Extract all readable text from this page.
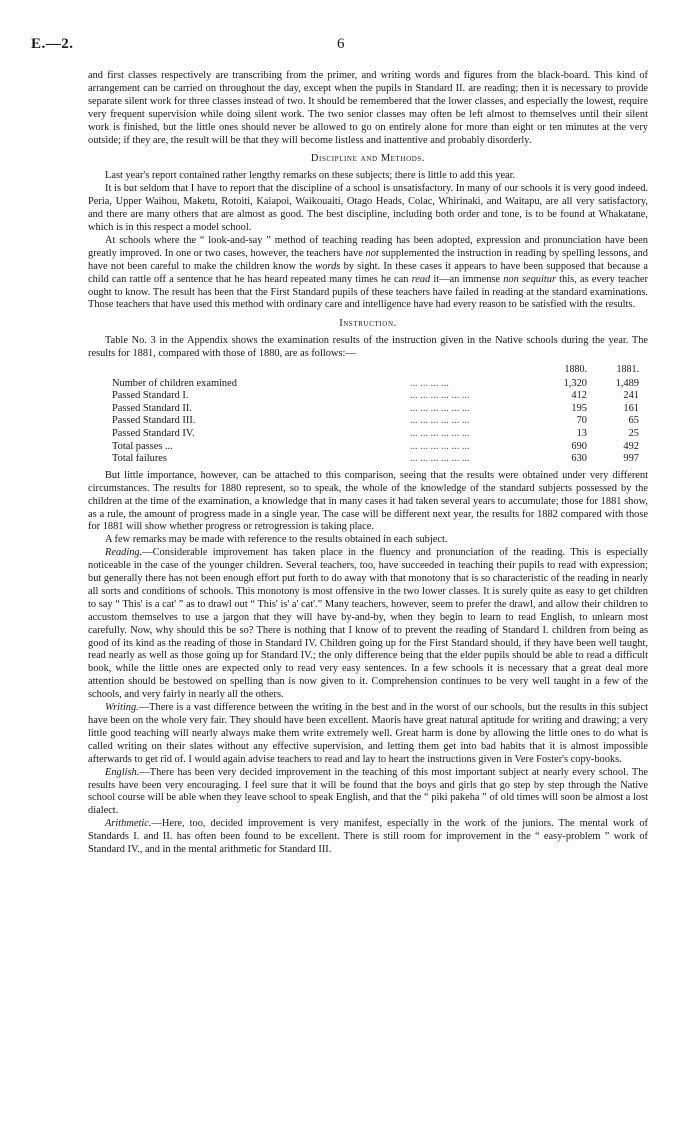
E.—2.	6

and first classes respectively are transcribing from the primer, and writing words and figures from the black-board. This kind of arrangement can be carried on throughout the day, except when the pupils in Standard II. are reading; then it is necessary to provide separate silent work for three classes instead of two. It should be remembered that the lower classes, and especially the lowest, require very frequent supervision while doing silent work. The two senior classes may often be left almost to themselves until their silent work is finished, but the little ones should never be allowed to go on entirely alone for more than eight or ten minutes at the very outside; if they are, the result will be that they will become listless and inattentive and probably disorderly.

Discipline and Methods.

Last year's report contained rather lengthy remarks on these subjects; there is little to add this year.

It is but seldom that I have to report that the discipline of a school is unsatisfactory. In many of our schools it is very good indeed. Peria, Upper Waihou, Maketu, Rotoiti, Kaiapoi, Waikouaiti, Otago Heads, Colac, Whirinaki, and Waitapu, are all very satisfactory, and there are many others that are almost as good. The best discipline, including both order and tone, is to be found at Whakatane, which is in this respect a model school.

At schools where the “ look-and-say ” method of teaching reading has been adopted, expression and pronunciation have been greatly improved. In one or two cases, however, the teachers have not supplemented the instruction in reading by spelling lessons, and have not been careful to make the children know the words by sight. In these cases it appears to have been supposed that because a child can rattle off a sentence that he has heard repeated many times he can read it—an immense non sequitur this, as every teacher ought to know. The result has been that the First Standard pupils of these teachers have failed in reading at the standard examinations. Those teachers that have used this method with ordinary care and intelligence have had every reason to be satisfied with the results.

Instruction.

Table No. 3 in the Appendix shows the examination results of the instruction given in the Native schools during the year. The results for 1881, compared with those of 1880, are as follows:—

		1880.	1881.
Number of children examined	... ... ... ...	1,320	1,489
Passed Standard I.	... ... ... ... ... ...	412	241
Passed Standard II.	... ... ... ... ... ...	195	161
Passed Standard III.	... ... ... ... ... ...	70	65
Passed Standard IV.	... ... ... ... ... ...	13	25
Total passes ...	... ... ... ... ... ...	690	492
Total failures	... ... ... ... ... ...	630	997

But little importance, however, can be attached to this comparison, seeing that the results were obtained under very different circumstances. The results for 1880 represent, so to speak, the whole of the knowledge of the standard subjects possessed by the children at the time of the examination, a knowledge that in many cases it had taken several years to accumulate; those for 1881 show, as a rule, the amount of progress made in a single year. The case will be different next year, the results for 1882 compared with those for 1881 will show whether progress or retrogression is taking place.

A few remarks may be made with reference to the results obtained in each subject.

Reading.—Considerable improvement has taken place in the fluency and pronunciation of the reading. This is especially noticeable in the case of the younger children. Several teachers, too, have succeeded in teaching their pupils to read with expression; but generally there has not been enough effort put forth to do away with that monotony that is so characteristic of the reading in nearly all sorts and conditions of schools. This monotony is most offensive in the two lower classes. It is surely quite as easy to get children to say “ This' is a cat' ” as to drawl out “ This' is' a' cat'.” Many teachers, however, seem to prefer the drawl, and allow their children to accustom themselves to use a jargon that they will have by-and-by, when they begin to learn to read English, to unlearn most carefully. Now, why should this be so? There is nothing that I know of to prevent the reading of Standard I. children from being as good of its kind as the reading of those in Standard IV. Children going up for the First Standard should, if they have been well taught, read nearly as well as those going up for Standard IV.; the only difference being that the elder pupils should be able to read a difficult book, while the little ones are expected only to read very easy sentences. In a few schools it is necessary that a great deal more attention should be bestowed on spelling than is now given to it. Comprehension continues to be very well taught in a few of the schools, and very fairly in nearly all the others.

Writing.—There is a vast difference between the writing in the best and in the worst of our schools, but the results in this subject have been on the whole very fair. They should have been excellent. Maoris have great natural aptitude for writing and drawing; a very little good teaching will nearly always make them write extremely well. Great harm is done by allowing the little ones to do what is called writing on their slates without any effective supervision, and letting them get into bad habits that it is almost impossible afterwards to get rid of. I would again advise teachers to read and lay to heart the instructions given in Vere Foster's copy-books.

English.—There has been very decided improvement in the teaching of this most important subject at nearly every school. The results have been very encouraging. I feel sure that it will be found that the boys and girls that go step by step through the Native school course will be able when they leave school to speak English, and that the “ piki pakeha ” of old times will soon be almost a lost dialect.

Arithmetic.—Here, too, decided improvement is very manifest, especially in the work of the juniors. The mental work of Standards I. and II. has often been found to be excellent. There is still room for improvement in the “ easy-problem ” work of Standard IV., and in the mental arithmetic for Standard III.
